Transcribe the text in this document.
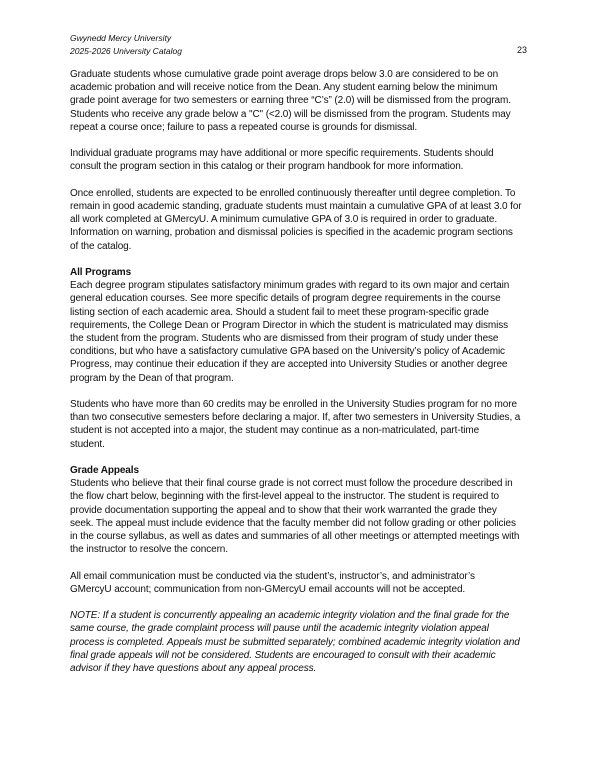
Gwynedd Mercy University
2025-2026 University Catalog	23
Graduate students whose cumulative grade point average drops below 3.0 are considered to be on
academic probation and will receive notice from the Dean. Any student earning below the minimum
grade point average for two semesters or earning three “C’s” (2.0) will be dismissed from the program.
Students who receive any grade below a "C" (<2.0) will be dismissed from the program. Students may
repeat a course once; failure to pass a repeated course is grounds for dismissal.
Individual graduate programs may have additional or more specific requirements. Students should
consult the program section in this catalog or their program handbook for more information.
Once enrolled, students are expected to be enrolled continuously thereafter until degree completion. To
remain in good academic standing, graduate students must maintain a cumulative GPA of at least 3.0 for
all work completed at GMercyU. A minimum cumulative GPA of 3.0 is required in order to graduate.
Information on warning, probation and dismissal policies is specified in the academic program sections
of the catalog.
All Programs
Each degree program stipulates satisfactory minimum grades with regard to its own major and certain
general education courses. See more specific details of program degree requirements in the course
listing section of each academic area. Should a student fail to meet these program-specific grade
requirements, the College Dean or Program Director in which the student is matriculated may dismiss
the student from the program. Students who are dismissed from their program of study under these
conditions, but who have a satisfactory cumulative GPA based on the University’s policy of Academic
Progress, may continue their education if they are accepted into University Studies or another degree
program by the Dean of that program.
Students who have more than 60 credits may be enrolled in the University Studies program for no more
than two consecutive semesters before declaring a major. If, after two semesters in University Studies, a
student is not accepted into a major, the student may continue as a non-matriculated, part-time
student.
Grade Appeals
Students who believe that their final course grade is not correct must follow the procedure described in
the flow chart below, beginning with the first-level appeal to the instructor. The student is required to
provide documentation supporting the appeal and to show that their work warranted the grade they
seek. The appeal must include evidence that the faculty member did not follow grading or other policies
in the course syllabus, as well as dates and summaries of all other meetings or attempted meetings with
the instructor to resolve the concern.
All email communication must be conducted via the student’s, instructor’s, and administrator’s
GMercyU account; communication from non-GMercyU email accounts will not be accepted.
NOTE: If a student is concurrently appealing an academic integrity violation and the final grade for the
same course, the grade complaint process will pause until the academic integrity violation appeal
process is completed. Appeals must be submitted separately; combined academic integrity violation and
final grade appeals will not be considered. Students are encouraged to consult with their academic
advisor if they have questions about any appeal process.
